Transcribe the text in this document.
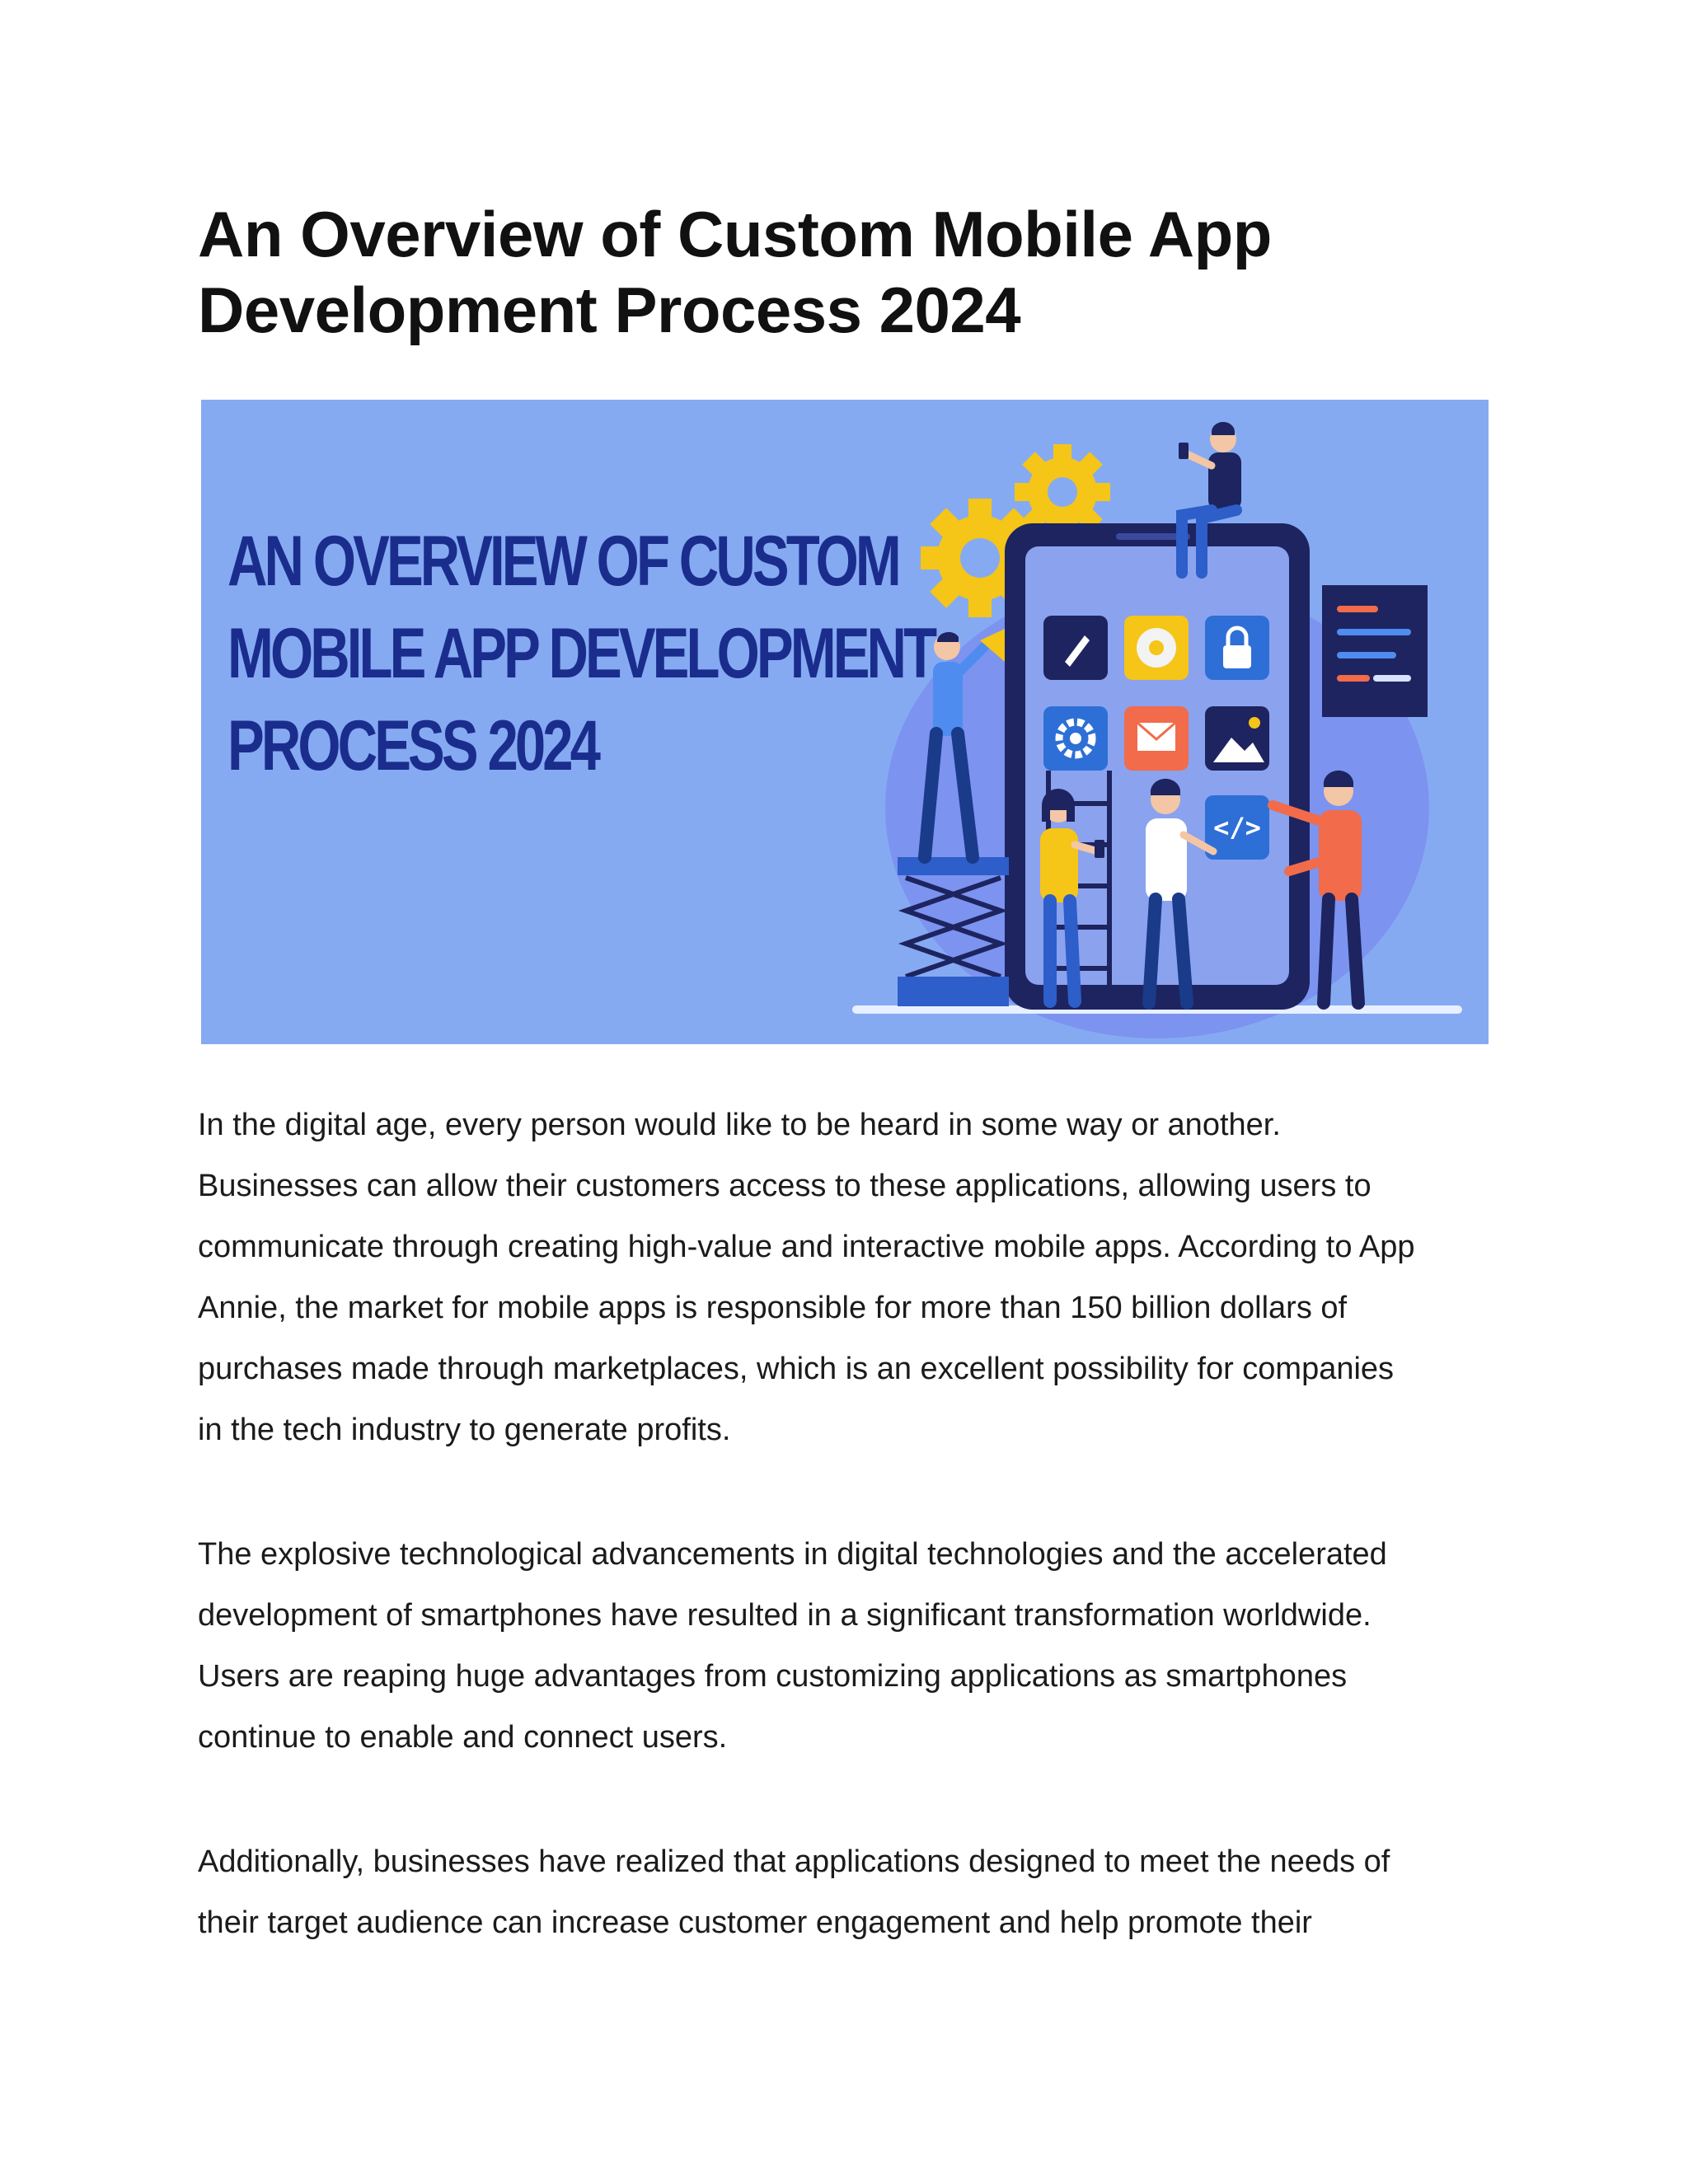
An Overview of Custom Mobile App
Development Process 2024
</>
AN OVERVIEW OF CUSTOM
MOBILE APP DEVELOPMENT
PROCESS 2024

In the digital age, every person would like to be heard in some way or another.
Businesses can allow their customers access to these applications, allowing users to
communicate through creating high-value and interactive mobile apps. According to App
Annie, the market for mobile apps is responsible for more than 150 billion dollars of
purchases made through marketplaces, which is an excellent possibility for companies
in the tech industry to generate profits.

The explosive technological advancements in digital technologies and the accelerated
development of smartphones have resulted in a significant transformation worldwide.
Users are reaping huge advantages from customizing applications as smartphones
continue to enable and connect users.

Additionally, businesses have realized that applications designed to meet the needs of
their target audience can increase customer engagement and help promote their
